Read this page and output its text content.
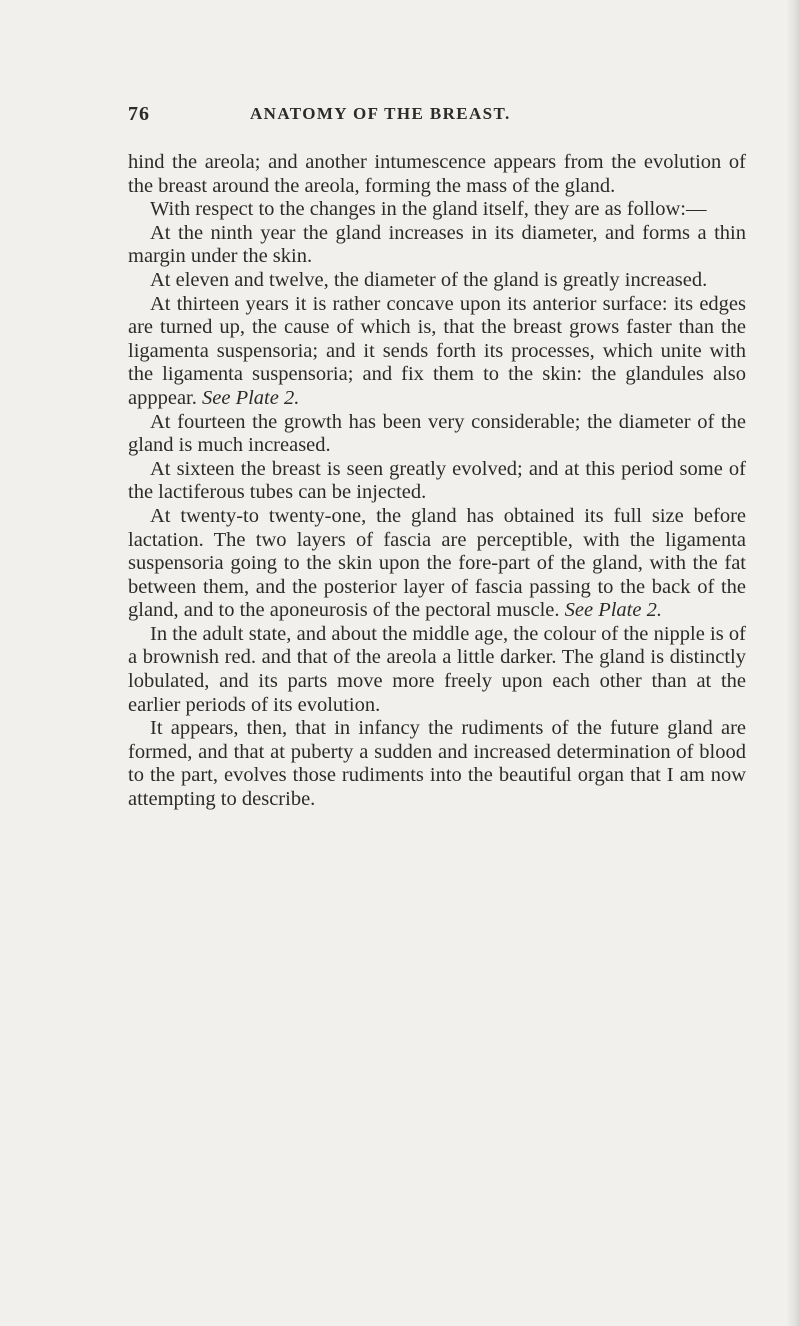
76	ANATOMY OF THE BREAST.

hind the areola; and another intumescence appears from the evolution of the breast around the areola, forming the mass of the gland.

With respect to the changes in the gland itself, they are as follow:—

At the ninth year the gland increases in its diameter, and forms a thin margin under the skin.

At eleven and twelve, the diameter of the gland is greatly increased.

At thirteen years it is rather concave upon its anterior surface: its edges are turned up, the cause of which is, that the breast grows faster than the ligamenta suspensoria; and it sends forth its processes, which unite with the ligamenta suspensoria; and fix them to the skin: the glandules also apppear. See Plate 2.

At fourteen the growth has been very considerable; the diameter of the gland is much increased.

At sixteen the breast is seen greatly evolved; and at this period some of the lactiferous tubes can be injected.

At twenty-to twenty-one, the gland has obtained its full size before lactation. The two layers of fascia are perceptible, with the ligamenta suspensoria going to the skin upon the fore-part of the gland, with the fat between them, and the posterior layer of fascia passing to the back of the gland, and to the aponeurosis of the pectoral muscle. See Plate 2.

In the adult state, and about the middle age, the colour of the nipple is of a brownish red. and that of the areola a little darker. The gland is distinctly lobulated, and its parts move more freely upon each other than at the earlier periods of its evolution.

It appears, then, that in infancy the rudiments of the future gland are formed, and that at puberty a sudden and increased determination of blood to the part, evolves those rudiments into the beautiful organ that I am now attempting to describe.
